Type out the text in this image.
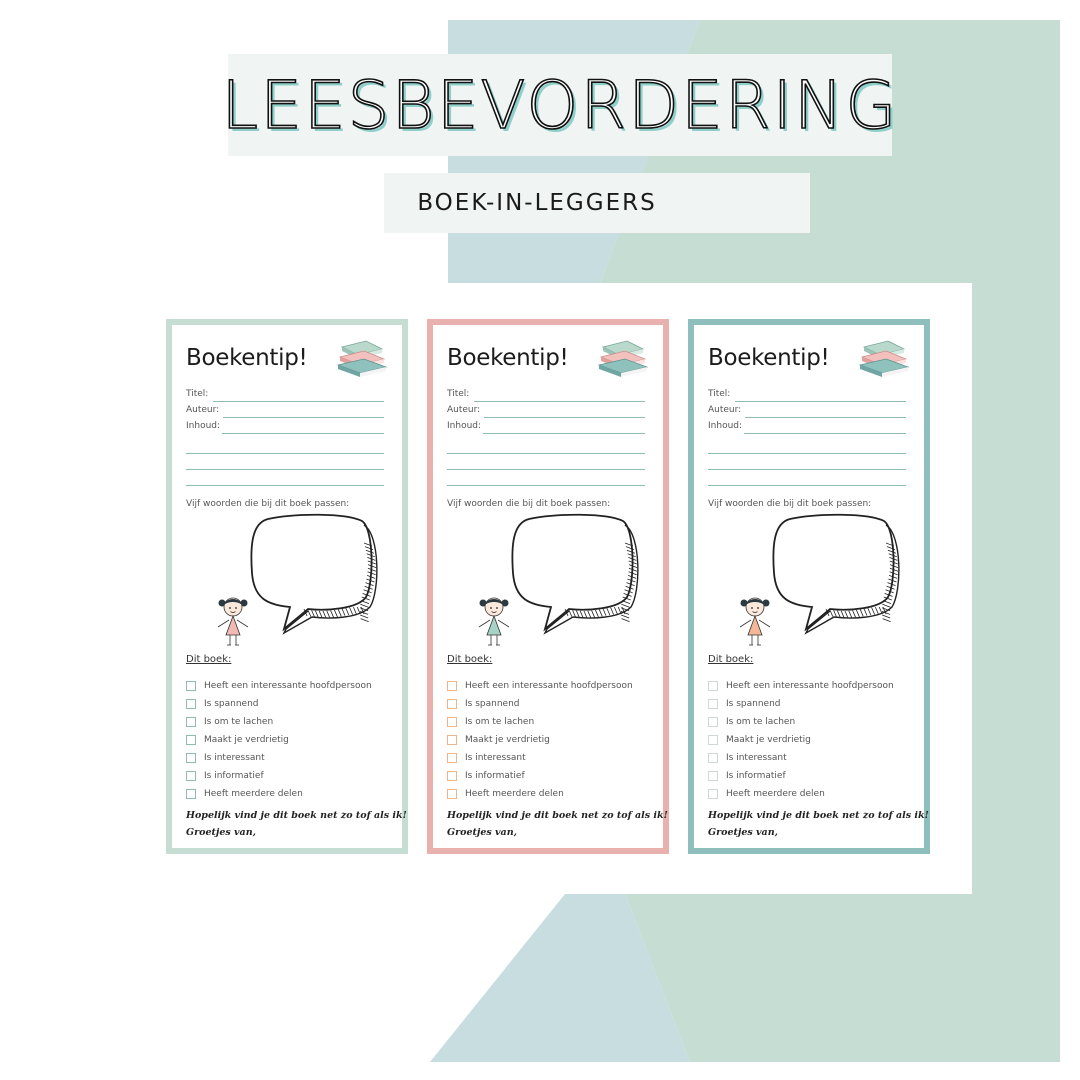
LEESBEVORDERING
BOEK-IN-LEGGERS
Boekentip!
Titel:
Auteur:
Inhoud:
Vijf woorden die bij dit boek passen:
Dit boek:
Heeft een interessante hoofdpersoon
Is spannend
Is om te lachen
Maakt je verdrietig
Is interessant
Is informatief
Heeft meerdere delen
Hopelijk vind je dit boek net zo tof als ik!
Groetjes van,
Boekentip!
Titel:
Auteur:
Inhoud:
Vijf woorden die bij dit boek passen:
Dit boek:
Heeft een interessante hoofdpersoon
Is spannend
Is om te lachen
Maakt je verdrietig
Is interessant
Is informatief
Heeft meerdere delen
Hopelijk vind je dit boek net zo tof als ik!
Groetjes van,
Boekentip!
Titel:
Auteur:
Inhoud:
Vijf woorden die bij dit boek passen:
Dit boek:
Heeft een interessante hoofdpersoon
Is spannend
Is om te lachen
Maakt je verdrietig
Is interessant
Is informatief
Heeft meerdere delen
Hopelijk vind je dit boek net zo tof als ik!
Groetjes van,
